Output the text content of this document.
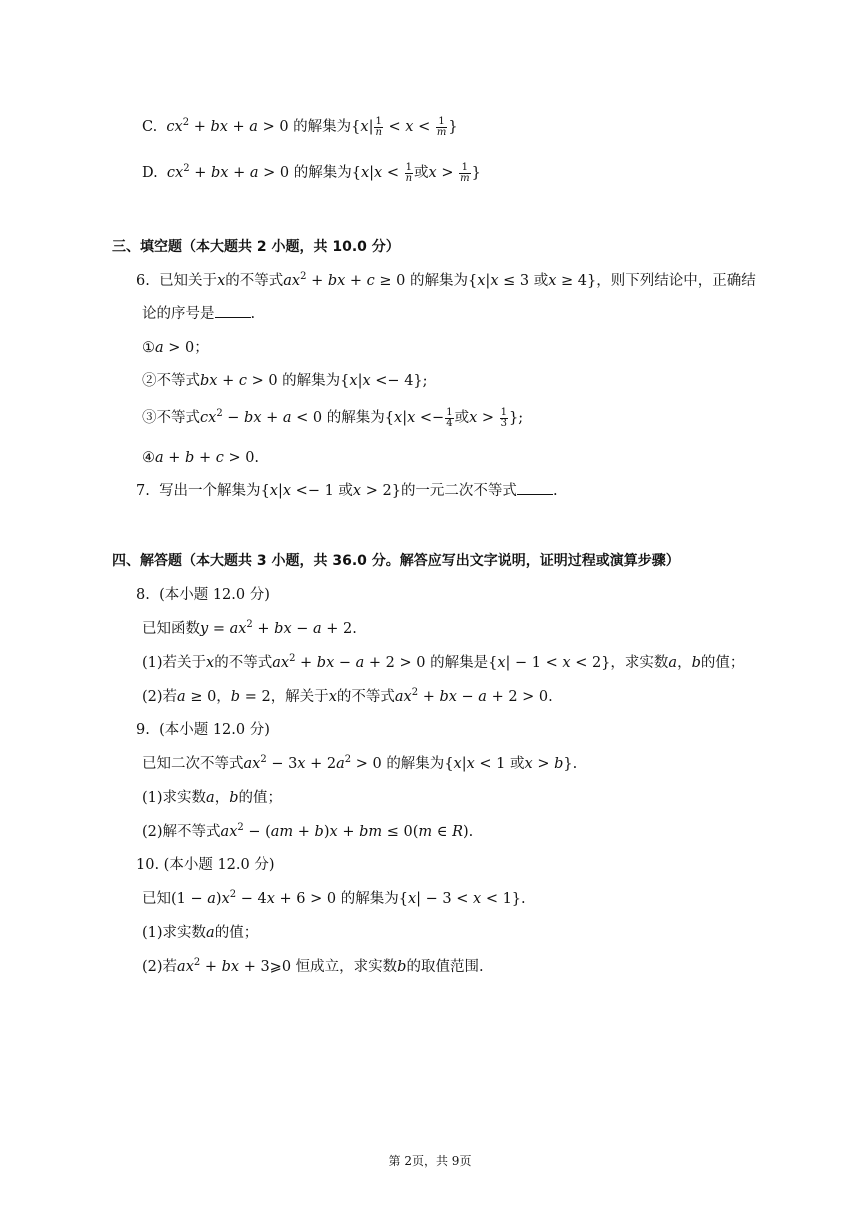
C.  $cx^2$ + bx + a > 0 的解集为{$x| \frac{1}{n} < x < \frac{1}{m}$ }
D.  $cx^2$ + bx + a > 0 的解集为{$x|x < \frac{1}{n}$ 或$x > \frac{1}{m}$ }
三、填空题（本大题共 2 小题，共 10.0 分）
6. 已知关于x的不等式$ax^2$ + bx + c ≥ 0 的解集为{x|x ≤ 3 或x ≥ 4}，则下列结论中，正确结
论的序号是 .
①a > 0；
②不等式bx + c > 0 的解集为{x|x <− 4};
③不等式$cx^2$ − bx + a < 0 的解集为{$x|x <- \frac{1}{4}$ 或$x > \frac{1}{3}$ };
④a + b + c > 0.
7. 写出一个解集为{x|x <− 1 或x > 2}的一元二次不等式 .
四、解答题（本大题共 3 小题，共 36.0 分。解答应写出文字说明，证明过程或演算步骤）
8. (本小题 12.0 分)
已知函数$y = ax^2$ + bx − a + 2.
(1)若关于x的不等式$ax^2$ + bx − a + 2 > 0 的解集是{x| − 1 < x < 2}，求实数a，b的值；
(2)若a ≥ 0，b = 2，解关于x的不等式$ax^2$ + bx − a + 2 > 0.
9. (本小题 12.0 分)
已知二次不等式$ax^2 - 3x + 2a^2 > 0$ 的解集为{x|x < 1 或x > b}.
(1)求实数a，b的值；
(2)解不等式$ax^2 - (am + b)x$ + bm ≤ 0(m ∈ R).
10. (本小题 12.0 分)
已知$(1 - a)x^2 - 4x + 6 > 0$ 的解集为{x| − 3 < x < 1}.
(1)求实数a的值；
(2)若$ax^2$ + bx + 3⩾0 恒成立，求实数b的取值范围.
第 2页，共 9页
